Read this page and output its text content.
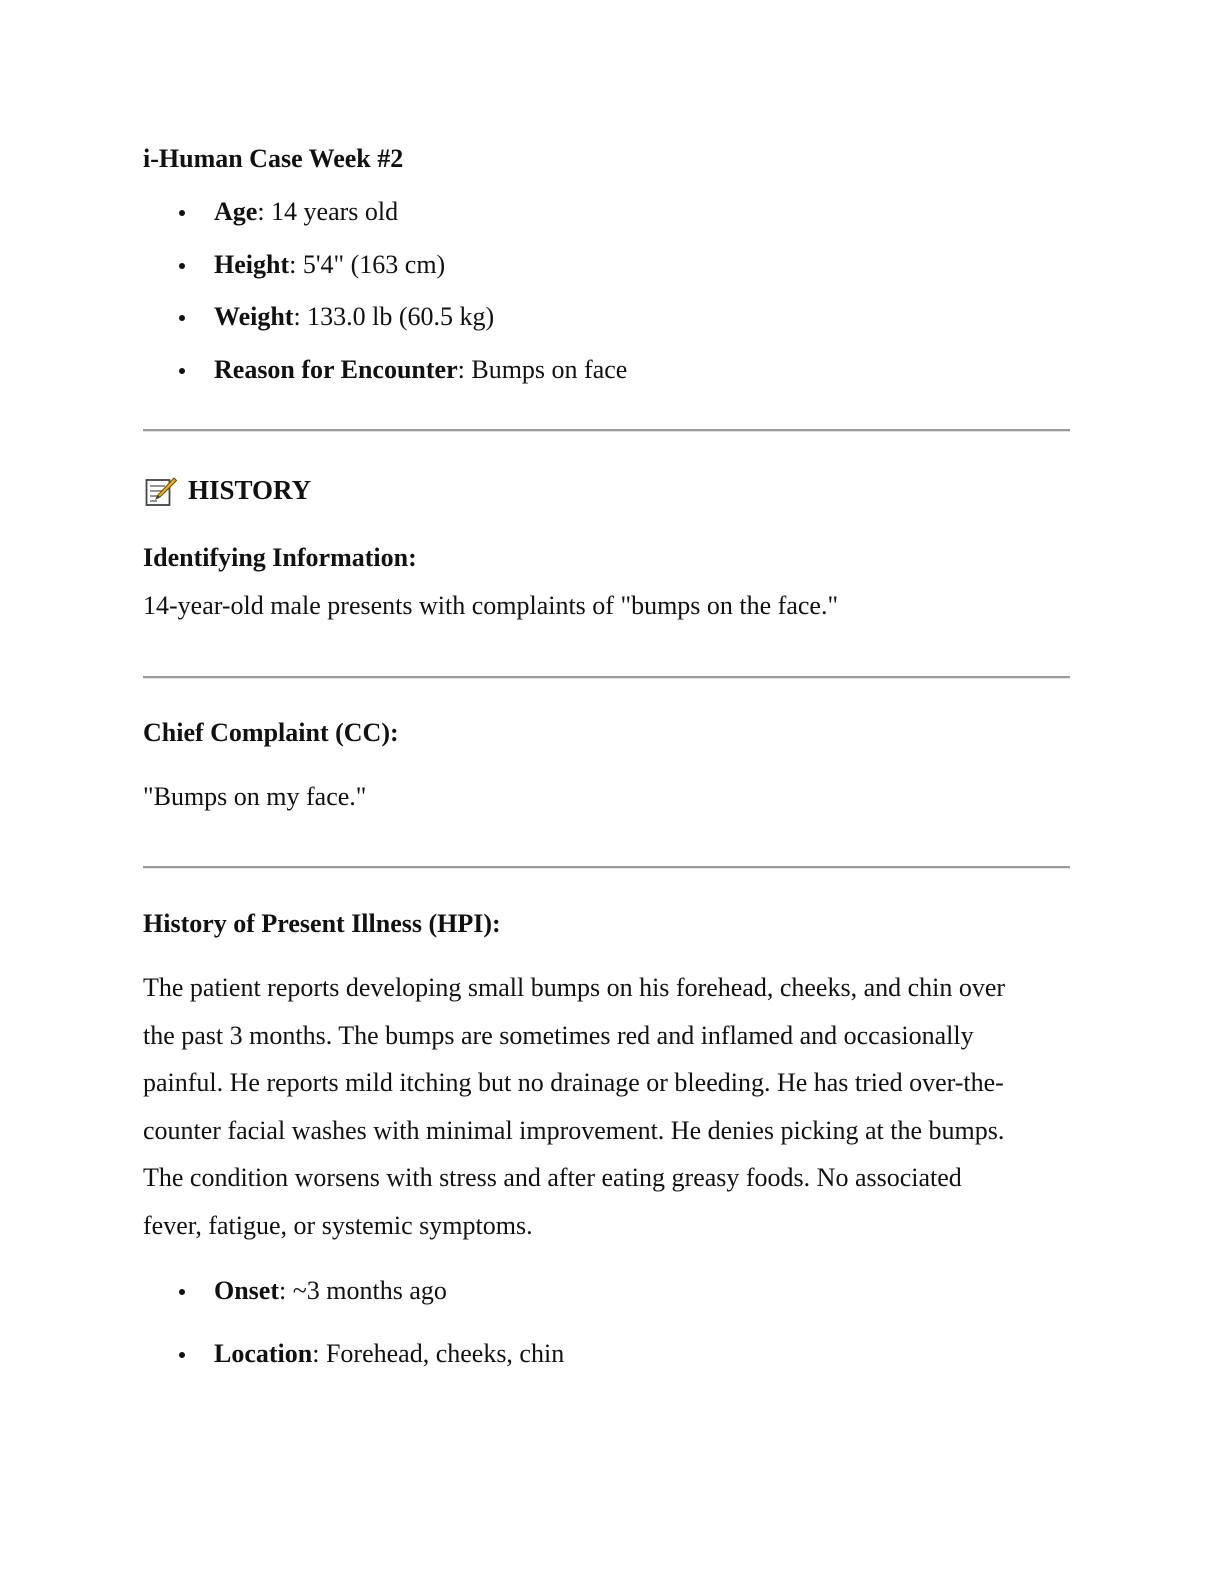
i-Human Case Week #2
Age: 14 years old
Height: 5'4" (163 cm)
Weight: 133.0 lb (60.5 kg)
Reason for Encounter: Bumps on face
HISTORY
Identifying Information:

14-year-old male presents with complaints of "bumps on the face."

Chief Complaint (CC):

"Bumps on my face."

History of Present Illness (HPI):

The patient reports developing small bumps on his forehead, cheeks, and chin over
the past 3 months. The bumps are sometimes red and inflamed and occasionally
painful. He reports mild itching but no drainage or bleeding. He has tried over-the-
counter facial washes with minimal improvement. He denies picking at the bumps.
The condition worsens with stress and after eating greasy foods. No associated
fever, fatigue, or systemic symptoms.

Onset: ~3 months ago
Location: Forehead, cheeks, chin
